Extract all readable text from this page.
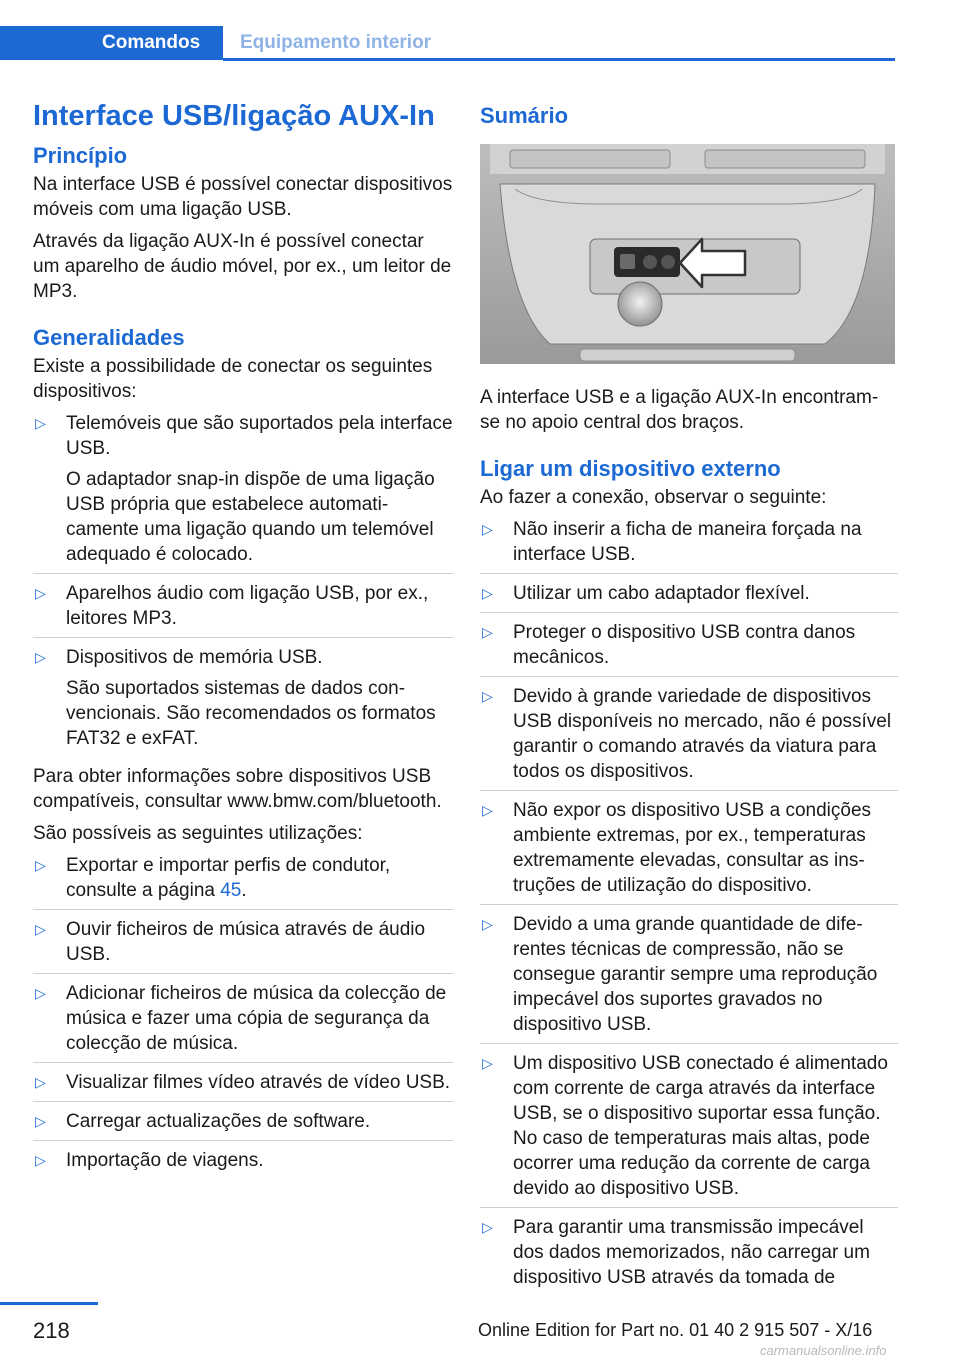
Comandos	Equipamento interior
Interface USB/ligação AUX-In
Princípio

Na interface USB é possível conectar dispositivos móveis com uma ligação USB.

Através da ligação AUX-In é possível conectar um aparelho de áudio móvel, por ex., um leitor de MP3.

Generalidades

Existe a possibilidade de conectar os seguintes dispositivos:

▷ Telemóveis que são suportados pela interface USB.

O adaptador snap-in dispõe de uma ligação USB própria que estabelece automaticamente uma ligação quando um telemóvel adequado é colocado.

▷ Aparelhos áudio com ligação USB, por ex., leitores MP3.

▷ Dispositivos de memória USB.

São suportados sistemas de dados convencionais. São recomendados os formatos FAT32 e exFAT.

Para obter informações sobre dispositivos USB compatíveis, consultar www.bmw.com/bluetooth.

São possíveis as seguintes utilizações:

▷ Exportar e importar perfis de condutor, consulte a página 45.

▷ Ouvir ficheiros de música através de áudio USB.

▷ Adicionar ficheiros de música da colecção de música e fazer uma cópia de segurança da colecção de música.

▷ Visualizar filmes vídeo através de vídeo USB.

▷ Carregar actualizações de software.

▷ Importação de viagens.

Sumário

A interface USB e a ligação AUX-In encontram-se no apoio central dos braços.

Ligar um dispositivo externo

Ao fazer a conexão, observar o seguinte:

▷ Não inserir a ficha de maneira forçada na interface USB.

▷ Utilizar um cabo adaptador flexível.

▷ Proteger o dispositivo USB contra danos mecânicos.

▷ Devido à grande variedade de dispositivos USB disponíveis no mercado, não é possível garantir o comando através da viatura para todos os dispositivos.

▷ Não expor os dispositivo USB a condições ambiente extremas, por ex., temperaturas extremamente elevadas, consultar as instruções de utilização do dispositivo.

▷ Devido a uma grande quantidade de diferentes técnicas de compressão, não se consegue garantir sempre uma reprodução impecável dos suportes gravados no dispositivo USB.

▷ Um dispositivo USB conectado é alimentado com corrente de carga através da interface USB, se o dispositivo suportar essa função. No caso de temperaturas mais altas, pode ocorrer uma redução da corrente de carga devido ao dispositivo USB.

▷ Para garantir uma transmissão impecável dos dados memorizados, não carregar um dispositivo USB através da tomada de

218	Online Edition for Part no. 01 40 2 915 507 - X/16
carmanualsonline.info
